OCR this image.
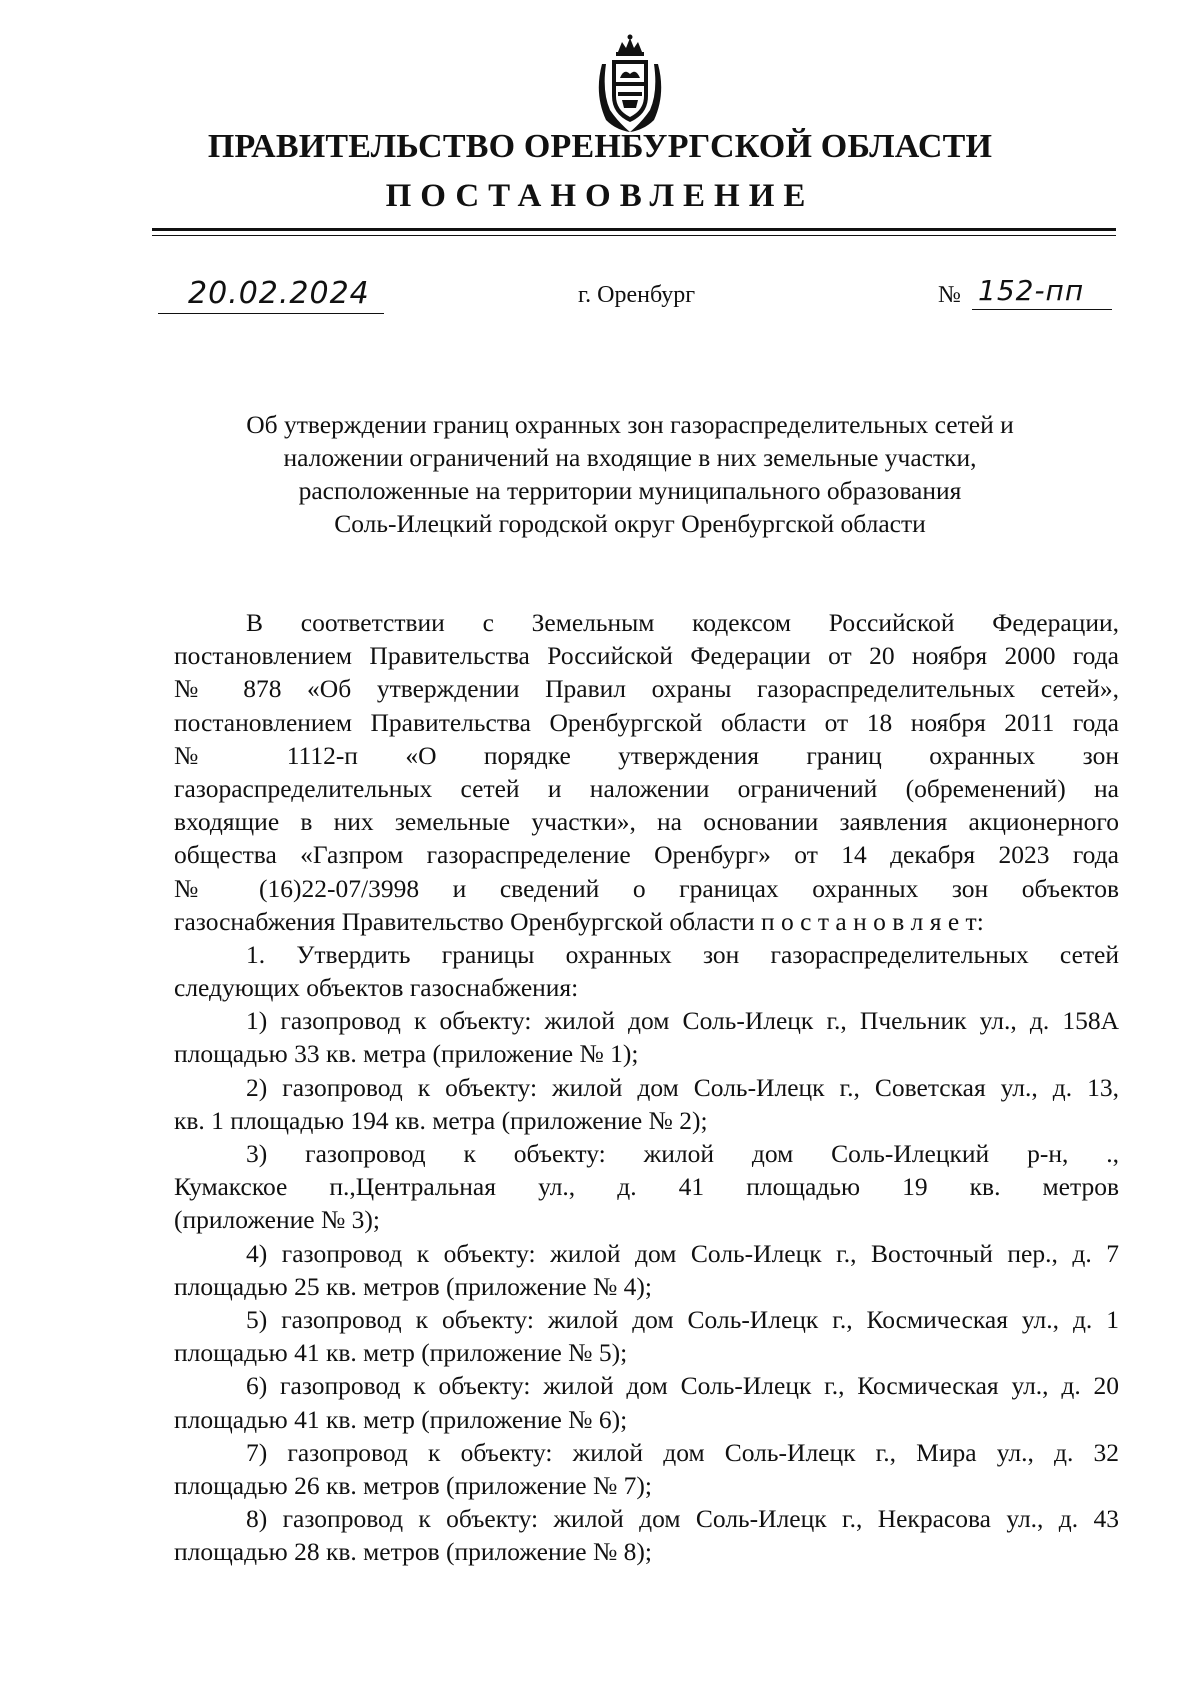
ПРАВИТЕЛЬСТВО ОРЕНБУРГСКОЙ ОБЛАСТИ
ПОСТАНОВЛЕНИЕ
20.02.2024	г. Оренбург	№ 152-пп
Об утверждении границ охранных зон газораспределительных сетей и
наложении ограничений на входящие в них земельные участки,
расположенные на территории муниципального образования
Соль-Илецкий городской округ Оренбургской области
В соответствии с Земельным кодексом Российской Федерации,
постановлением Правительства Российской Федерации от 20 ноября 2000 года
№ 878 «Об утверждении Правил охраны газораспределительных сетей»,
постановлением Правительства Оренбургской области от 18 ноября 2011 года
№ 1112-п «О порядке утверждения границ охранных зон
газораспределительных сетей и наложении ограничений (обременений) на
входящие в них земельные участки», на основании заявления акционерного
общества «Газпром газораспределение Оренбург» от 14 декабря 2023 года
№ (16)22-07/3998 и сведений о границах охранных зон объектов
газоснабжения Правительство Оренбургской области п о с т а н о в л я е т:
1. Утвердить границы охранных зон газораспределительных сетей
следующих объектов газоснабжения:
1) газопровод к объекту: жилой дом Соль-Илецк г., Пчельник ул., д. 158А
площадью 33 кв. метра (приложение № 1);
2) газопровод к объекту: жилой дом Соль-Илецк г., Советская ул., д. 13,
кв. 1 площадью 194 кв. метра (приложение № 2);
3) газопровод к объекту: жилой дом Соль-Илецкий р-н, .,
Кумакское п.,Центральная ул., д. 41 площадью 19 кв. метров
(приложение № 3);
4) газопровод к объекту: жилой дом Соль-Илецк г., Восточный пер., д. 7
площадью 25 кв. метров (приложение № 4);
5) газопровод к объекту: жилой дом Соль-Илецк г., Космическая ул., д. 1
площадью 41 кв. метр (приложение № 5);
6) газопровод к объекту: жилой дом Соль-Илецк г., Космическая ул., д. 20
площадью 41 кв. метр (приложение № 6);
7) газопровод к объекту: жилой дом Соль-Илецк г., Мира ул., д. 32
площадью 26 кв. метров (приложение № 7);
8) газопровод к объекту: жилой дом Соль-Илецк г., Некрасова ул., д. 43
площадью 28 кв. метров (приложение № 8);
